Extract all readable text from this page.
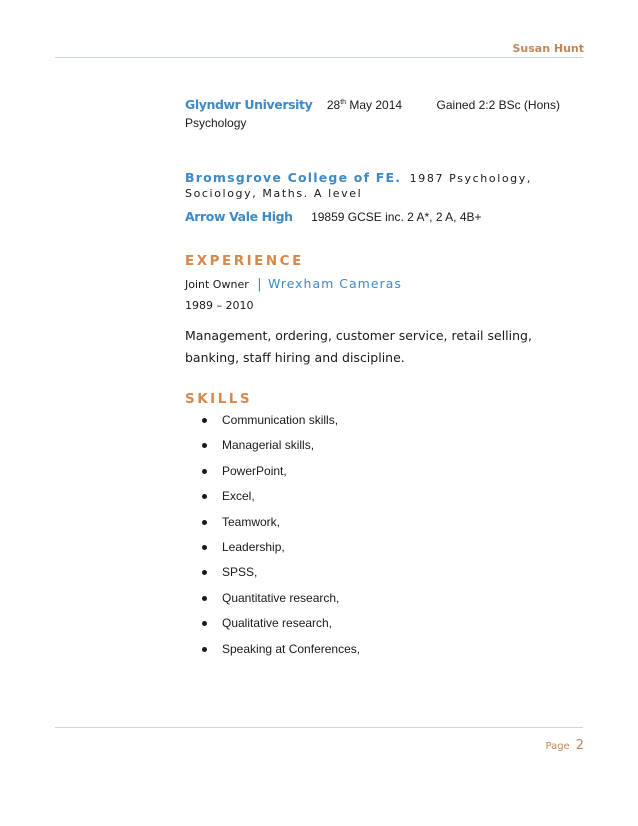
Susan Hunt
Glyndwr University 28th May 2014	Gained 2:2 BSc (Hons)
Psychology
Bromsgrove College of FE. 1987 Psychology,
Sociology, Maths. A level
Arrow Vale High 19859 GCSE inc. 2 A*, 2 A, 4B+
EXPERIENCE
Joint Owner | Wrexham Cameras
1989 – 2010
Management, ordering, customer service, retail selling, banking, staff hiring and discipline.
SKILLS
Communication skills,
Managerial skills,
PowerPoint,
Excel,
Teamwork,
Leadership,
SPSS,
Quantitative research,
Qualitative research,
Speaking at Conferences,
Page 2
